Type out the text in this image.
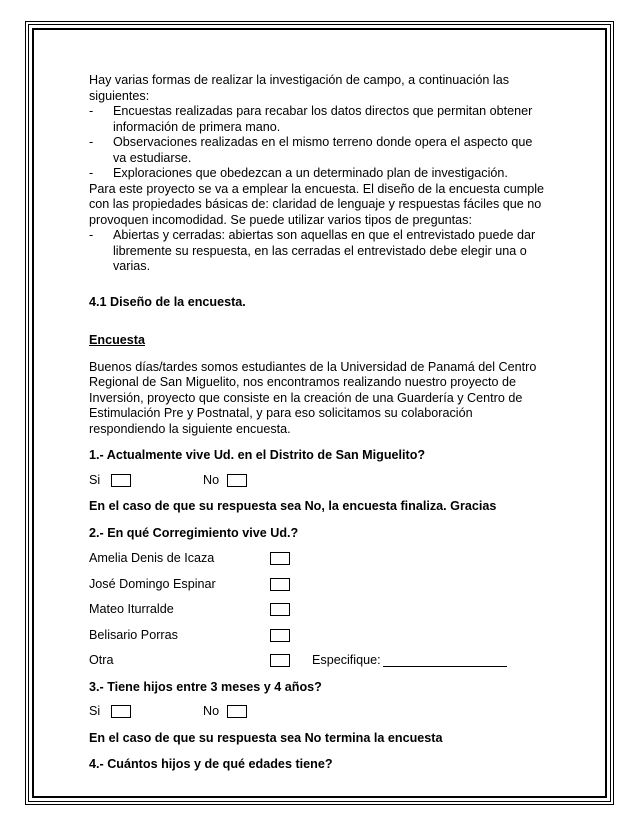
Hay varias formas de realizar la investigación de campo, a continuación las siguientes:

-	Encuestas realizadas para recabar los datos directos que permitan obtener información de primera mano.
-	Observaciones realizadas en el mismo terreno donde opera el aspecto que va estudiarse.
-	Exploraciones que obedezcan a un determinado plan de investigación.

Para este proyecto se va a emplear la encuesta. El diseño de la encuesta cumple con las propiedades básicas de: claridad de lenguaje y respuestas fáciles que no provoquen incomodidad. Se puede utilizar varios tipos de preguntas:

-	Abiertas y cerradas: abiertas son aquellas en que el entrevistado puede dar libremente su respuesta, en las cerradas el entrevistado debe elegir una o varias.

4.1 Diseño de la encuesta.

Encuesta

Buenos días/tardes somos estudiantes de la Universidad de Panamá del Centro Regional de San Miguelito, nos encontramos realizando nuestro proyecto de Inversión, proyecto que consiste en la creación de una Guardería y Centro de Estimulación Pre y Postnatal, y para eso solicitamos su colaboración respondiendo la siguiente encuesta.

1.- Actualmente vive Ud. en el Distrito de San Miguelito?

Si	No

En el caso de que su respuesta sea No, la encuesta finaliza. Gracias

2.- En qué Corregimiento vive Ud.?

Amelia Denis de Icaza
José Domingo Espinar
Mateo Iturralde
Belisario Porras
Otra	Especifique:

3.- Tiene hijos entre 3 meses y 4 años?

Si	No

En el caso de que su respuesta sea No termina la encuesta

4.- Cuántos hijos y de qué edades tiene?
